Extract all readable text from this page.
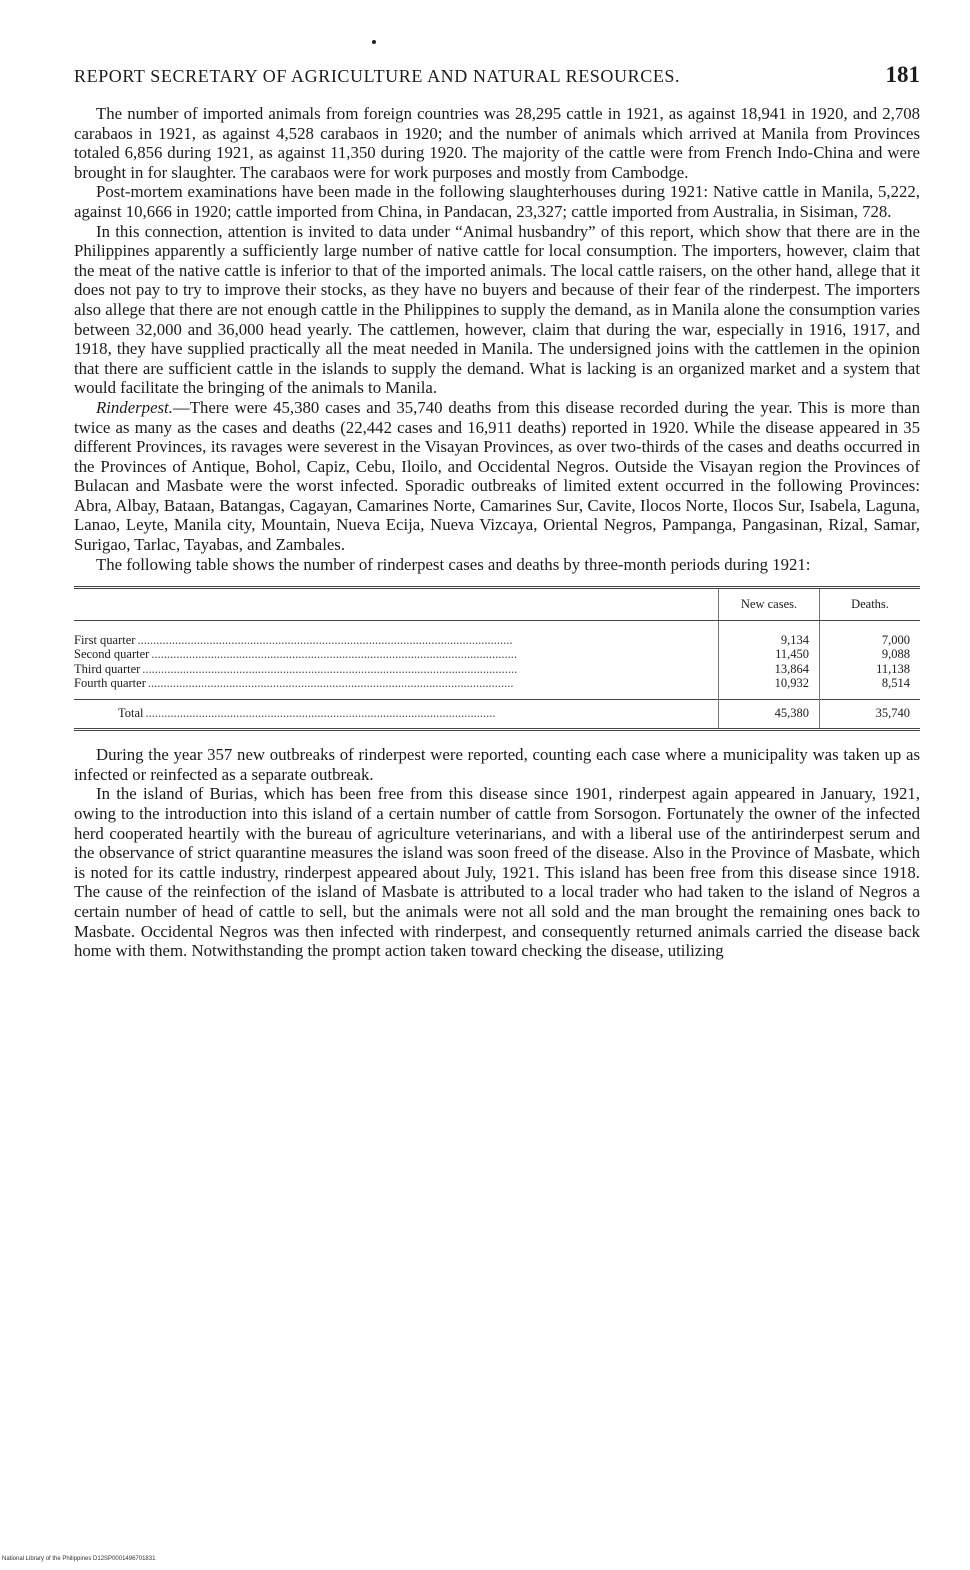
REPORT SECRETARY OF AGRICULTURE AND NATURAL RESOURCES.	181

The number of imported animals from foreign countries was 28,295 cattle in 1921, as against 18,941 in 1920, and 2,708 carabaos in 1921, as against 4,528 carabaos in 1920; and the number of animals which arrived at Manila from Provinces totaled 6,856 during 1921, as against 11,350 during 1920. The majority of the cattle were from French Indo-China and were brought in for slaughter. The carabaos were for work purposes and mostly from Cambodge.

Post-mortem examinations have been made in the following slaughterhouses during 1921: Native cattle in Manila, 5,222, against 10,666 in 1920; cattle imported from China, in Pandacan, 23,327; cattle imported from Australia, in Sisiman, 728.

In this connection, attention is invited to data under “Animal husbandry” of this report, which show that there are in the Philippines apparently a sufficiently large number of native cattle for local consumption. The importers, however, claim that the meat of the native cattle is inferior to that of the imported animals. The local cattle raisers, on the other hand, allege that it does not pay to try to improve their stocks, as they have no buyers and because of their fear of the rinderpest. The importers also allege that there are not enough cattle in the Philippines to supply the demand, as in Manila alone the consumption varies between 32,000 and 36,000 head yearly. The cattlemen, however, claim that during the war, especially in 1916, 1917, and 1918, they have supplied practically all the meat needed in Manila. The undersigned joins with the cattlemen in the opinion that there are sufficient cattle in the islands to supply the demand. What is lacking is an organized market and a system that would facilitate the bringing of the animals to Manila.

Rinderpest.—There were 45,380 cases and 35,740 deaths from this disease recorded during the year. This is more than twice as many as the cases and deaths (22,442 cases and 16,911 deaths) reported in 1920. While the disease appeared in 35 different Provinces, its ravages were severest in the Visayan Provinces, as over two-thirds of the cases and deaths occurred in the Provinces of Antique, Bohol, Capiz, Cebu, Iloilo, and Occidental Negros. Outside the Visayan region the Provinces of Bulacan and Masbate were the worst infected. Sporadic outbreaks of limited extent occurred in the following Provinces: Abra, Albay, Bataan, Batangas, Cagayan, Camarines Norte, Camarines Sur, Cavite, Ilocos Norte, Ilocos Sur, Isabela, Laguna, Lanao, Leyte, Manila city, Mountain, Nueva Ecija, Nueva Vizcaya, Oriental Negros, Pampanga, Pangasinan, Rizal, Samar, Surigao, Tarlac, Tayabas, and Zambales.

The following table shows the number of rinderpest cases and deaths by three-month periods during 1921:

	New cases.	Deaths.
First quarter ........................................................................................................................	9,134	7,000
Second quarter .....................................................................................................................	11,450	9,088
Third quarter ........................................................................................................................	13,864	11,138
Fourth quarter .....................................................................................................................	10,932	8,514
Total ................................................................................................................	45,380	35,740

During the year 357 new outbreaks of rinderpest were reported, counting each case where a municipality was taken up as infected or reinfected as a separate outbreak.

In the island of Burias, which has been free from this disease since 1901, rinderpest again appeared in January, 1921, owing to the introduction into this island of a certain number of cattle from Sorsogon. Fortunately the owner of the infected herd cooperated heartily with the bureau of agriculture veterinarians, and with a liberal use of the antirinderpest serum and the observance of strict quarantine measures the island was soon freed of the disease. Also in the Province of Masbate, which is noted for its cattle industry, rinderpest appeared about July, 1921. This island has been free from this disease since 1918. The cause of the reinfection of the island of Masbate is attributed to a local trader who had taken to the island of Negros a certain number of head of cattle to sell, but the animals were not all sold and the man brought the remaining ones back to Masbate. Occidental Negros was then infected with rinderpest, and consequently returned animals carried the disease back home with them. Notwithstanding the prompt action taken toward checking the disease, utilizing

National Library of the Philippines D12SP0001496701831
